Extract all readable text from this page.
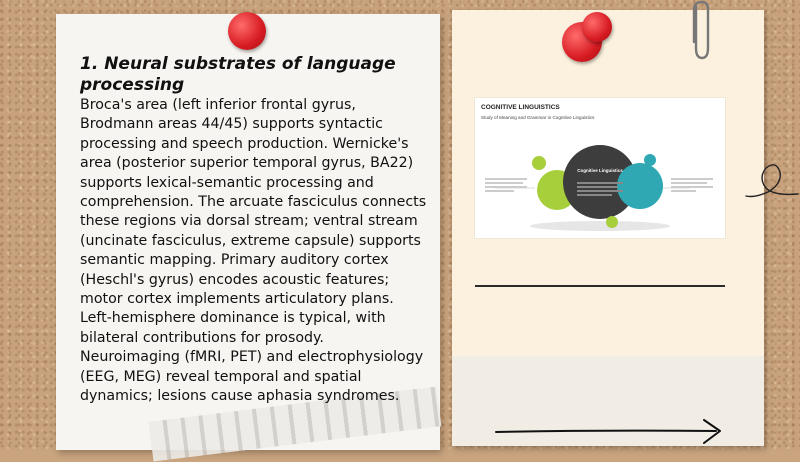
1. Neural substrates of language processing
Broca's area (left inferior frontal gyrus, Brodmann areas 44/45) supports syntactic processing and speech production. Wernicke's area (posterior superior temporal gyrus, BA22) supports lexical-semantic processing and comprehension. The arcuate fasciculus connects these regions via dorsal stream; ventral stream (uncinate fasciculus, extreme capsule) supports semantic mapping. Primary auditory cortex (Heschl's gyrus) encodes acoustic features; motor cortex implements articulatory plans. Left-hemisphere dominance is typical, with bilateral contributions for prosody. Neuroimaging (fMRI, PET) and electrophysiology (EEG, MEG) reveal temporal and spatial dynamics; lesions cause aphasia syndromes.
COGNITIVE LINGUISTICS
Study of Meaning and Grammar in Cognitive Linguistics
Cognitive Linguistics
